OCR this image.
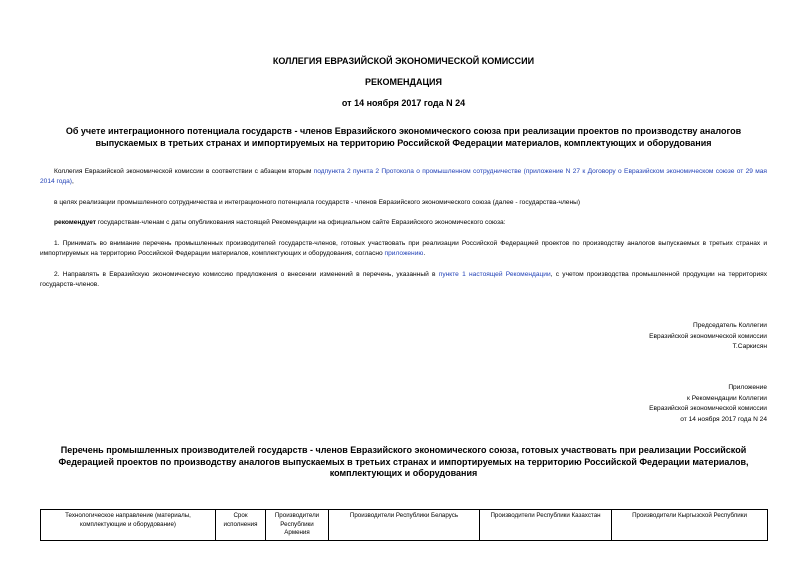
КОЛЛЕГИЯ ЕВРАЗИЙСКОЙ ЭКОНОМИЧЕСКОЙ КОМИССИИ
РЕКОМЕНДАЦИЯ
от 14 ноября 2017 года N 24
Об учете интеграционного потенциала государств - членов Евразийского экономического союза при реализации проектов по производству аналогов выпускаемых в третьих странах и импортируемых на территорию Российской Федерации материалов, комплектующих и оборудования

Коллегия Евразийской экономической комиссии в соответствии с абзацем вторым подпункта 2 пункта 2 Протокола о промышленном сотрудничестве (приложение N 27 к Договору о Евразийском экономическом союзе от 29 мая 2014 года),

в целях реализации промышленного сотрудничества и интеграционного потенциала государств - членов Евразийского экономического союза (далее - государства-члены)

рекомендует государствам-членам с даты опубликования настоящей Рекомендации на официальном сайте Евразийского экономического союза:

1. Принимать во внимание перечень промышленных производителей государств-членов, готовых участвовать при реализации Российской Федерацией проектов по производству аналогов выпускаемых в третьих странах и импортируемых на территорию Российской Федерации материалов, комплектующих и оборудования, согласно приложению.

2. Направлять в Евразийскую экономическую комиссию предложения о внесении изменений в перечень, указанный в пункте 1 настоящей Рекомендации, с учетом производства промышленной продукции на территориях государств-членов.

Председатель Коллегии
Евразийской экономической комиссии
Т.Саркисян
Приложение
к Рекомендации Коллегии
Евразийской экономической комиссии
от 14 ноября 2017 года N 24
Перечень промышленных производителей государств - членов Евразийского экономического союза, готовых участвовать при реализации Российской Федерацией проектов по производству аналогов выпускаемых в третьих странах и импортируемых на территорию Российской Федерации материалов, комплектующих и оборудования
Технологическое направление (материалы, комплектующие и оборудование)	Срок исполнения	Производители Республики Армения	Производители Республики Беларусь	Производители Республики Казахстан	Производители Кыргызской Республики
